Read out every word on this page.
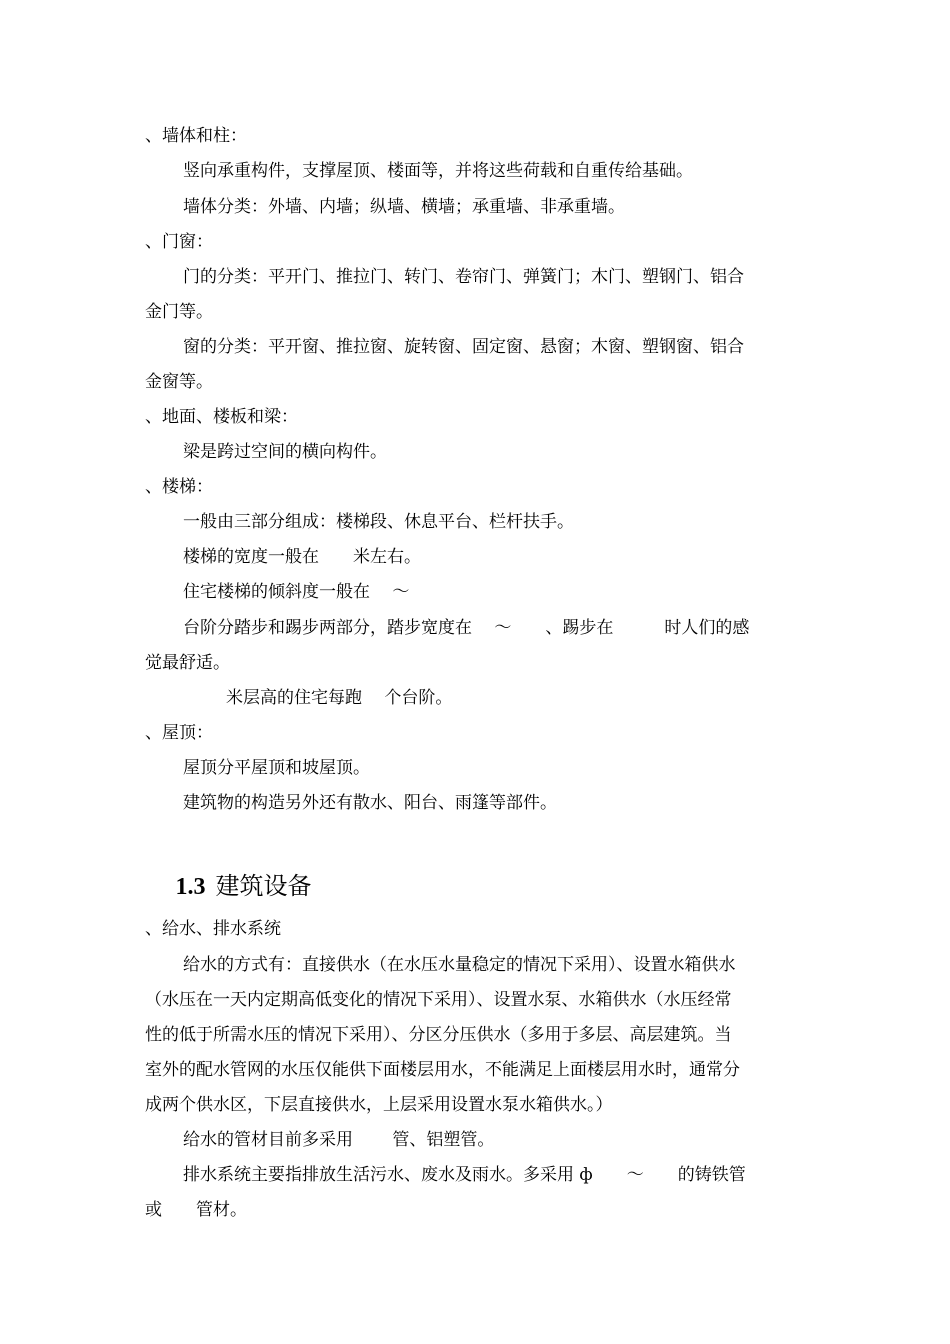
、墙体和柱：
竖向承重构件，支撑屋顶、楼面等，并将这些荷载和自重传给基础。
墙体分类：外墙、内墙；纵墙、横墙；承重墙、非承重墙。
、门窗：
门的分类：平开门、推拉门、转门、卷帘门、弹簧门；木门、塑钢门、铝合
金门等。
窗的分类：平开窗、推拉窗、旋转窗、固定窗、悬窗；木窗、塑钢窗、铝合
金窗等。
、地面、楼板和梁：
梁是跨过空间的横向构件。
、楼梯：
一般由三部分组成：楼梯段、休息平台、栏杆扶手。
楼梯的宽度一般在　　米左右。
住宅楼梯的倾斜度一般在　 ～
台阶分踏步和踢步两部分，踏步宽度在　 ～　　、踢步在　　　时人们的感
觉最舒适。
米层高的住宅每跑　 个台阶。
、屋顶：
屋顶分平屋顶和坡屋顶。
建筑物的构造另外还有散水、阳台、雨篷等部件。

1.3 建筑设备

、给水、排水系统
给水的方式有：直接供水（在水压水量稳定的情况下采用）、设置水箱供水
（水压在一天内定期高低变化的情况下采用）、设置水泵、水箱供水（水压经常
性的低于所需水压的情况下采用）、分区分压供水（多用于多层、高层建筑。当
室外的配水管网的水压仅能供下面楼层用水，不能满足上面楼层用水时，通常分
成两个供水区，下层直接供水，上层采用设置水泵水箱供水。）
给水的管材目前多采用　　 管、铝塑管。
排水系统主要指排放生活污水、废水及雨水。多采用 ф　　～　　的铸铁管
或　　管材。
